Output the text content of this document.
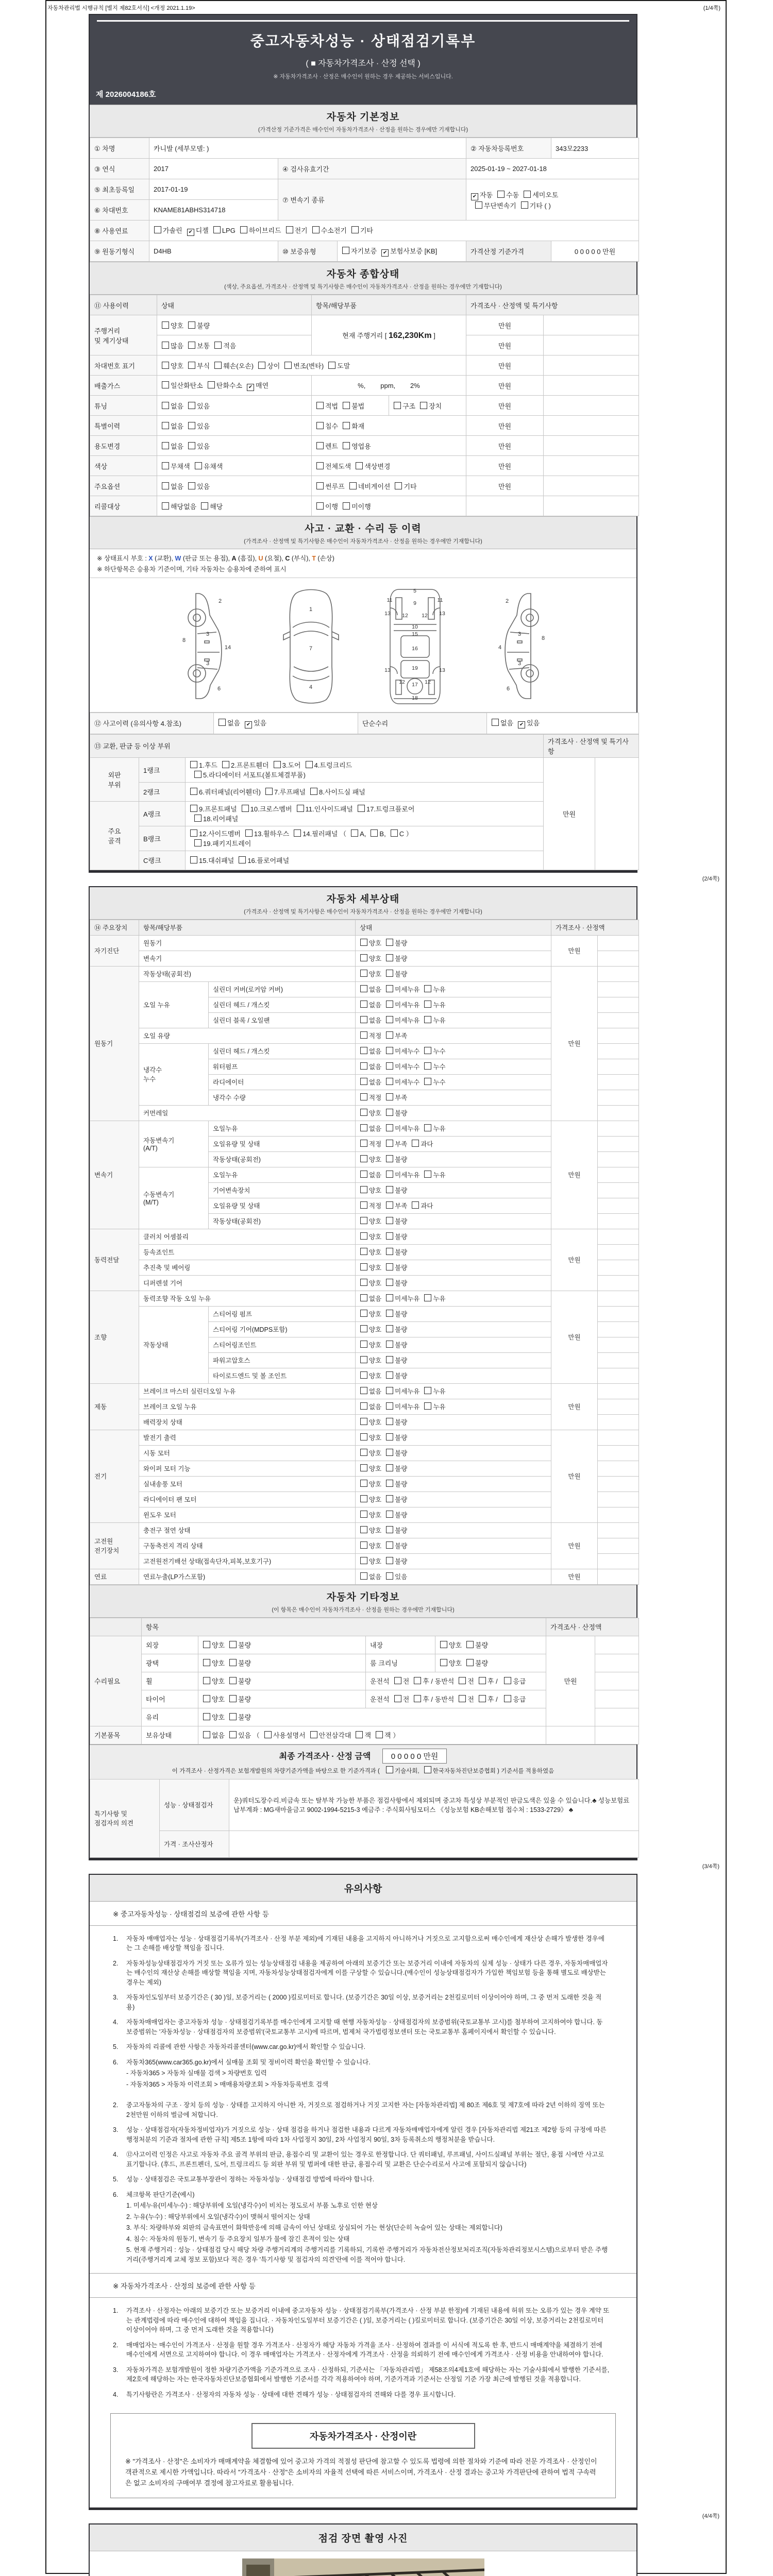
자동차관리법 시행규칙 [별지 제82호서식] <개정 2021.1.19>	(1/4쪽)
중고자동차성능 · 상태점검기록부
( ■ 자동차가격조사 · 산정 선택 )
※ 자동차가격조사 · 산정은 매수인이 원하는 경우 제공하는 서비스입니다.
제 2026004186호
자동차 기본정보
(가격산정 기준가격은 매수인이 자동차가격조사 · 산정을 원하는 경우에만 기재합니다)
① 차명	카니발 (세부모델: )			② 자동차등록번호	343모2233
③ 연식	2017	④ 검사유효기간		2025-01-19 ~ 2027-01-18	
⑤ 최초등록일	2017-01-19	⑦ 변속기 종류		✔ 자동 수동 세미오토
무단변속기 기타 ( )	
⑥ 차대번호	KNAME81ABHS314718				
⑧ 사용연료	가솔린 ✔ 디젤 LPG 하이브리드 전기 수소전기 기타				
⑨ 원동기형식	D4HB	⑩ 보증유형	자기보증 ✔ 보험사보증 [KB]	가격산정 기준가격	0 0 0 0 0 만원
자동차 종합상태
(색상, 주요옵션, 가격조사 · 산정액 및 특기사항은 매수인이 자동차가격조사 · 산정을 원하는 경우에만 기재합니다)
⑪ 사용이력	상태	항목/해당부품		가격조사 · 산정액 및 특기사항	
주행거리
및 계기상태	양호 불량	현재 주행거리 [ 162,230Km ]		만원	
	많음 보통 적음			만원	
차대번호 표기	양호 부식 훼손(오손) 상이 변조(변타) 도말			만원	
배출가스	일산화탄소 탄화수소 ✔ 매연	%,        ppm,        2%		만원	
튜닝	없음 있음	적법 불법	구조 장치	만원	
특별이력	없음 있음	침수 화재		만원	
용도변경	없음 있음	렌트 영업용		만원	
색상	무채색 유채색	전체도색 색상변경		만원	
주요옵션	없음 있음	썬루프 네비게이션 기타		만원	
리콜대상	해당없음 해당	이행 미이행			
사고 · 교환 · 수리 등 이력
(가격조사 · 산정액 및 특기사항은 매수인이 자동차가격조사 · 산정을 원하는 경우에만 기재합니다)
※ 상태표시 부호 : X (교환), W (판금 또는 용접), A (흠집), U (요철), C (부식), T (손상)
※ 하단항목은 승용차 기준이며, 기타 자동차는 승용차에 준하여 표시
2
8
3
14
3
6
1
7
4
5
11	11
9
13	13
12	12
10
15
16
19
13	13
12	12
17
18
2
8
3
4
3
6
⑫ 사고이력 (유의사항 4.참조)	없음 ✔ 있음	단순수리	없음 ✔ 있음
⑬ 교환, 판금 등 이상 부위			가격조사 · 산정액 및 특기사항	
외판
부위	1랭크	1.후드 2.프론트휀더 3.도어 4.트렁크리드
5.라디에이터 서포트(볼트체결부품)	만원	
	2랭크	6.쿼터패널(리어휀더) 7.루프패널 8.사이드실 패널		
주요
골격	A랭크	9.프론트패널 10.크로스멤버 11.인사이드패널 17.트렁크플로어
18.리어패널		
	B랭크	12.사이드멤버 13.휠하우스 14.필러패널 （ A, B, C ）
19.패키지트레이		
	C랭크	15.대쉬패널 16.플로어패널		
(2/4쪽)
자동차 세부상태
(가격조사 · 산정액 및 특기사항은 매수인이 자동차가격조사 · 산정을 원하는 경우에만 기재합니다)
⑭ 주요장치	항목/해당부품		상태	가격조사 · 산정액	
자기진단	원동기		양호 불량	만원	
	변속기		양호 불량		
원동기	작동상태(공회전)		양호 불량	만원	
	오일 누유	실린더 커버(로커암 커버)	없음 미세누유 누유		
		실린더 헤드 / 개스킷	없음 미세누유 누유		
		실린더 블록 / 오일팬	없음 미세누유 누유		
	오일 유량		적정 부족		
	냉각수
누수	실린더 헤드 / 개스킷	없음 미세누수 누수		
		워터펌프	없음 미세누수 누수		
		라디에이터	없음 미세누수 누수		
		냉각수 수량	적정 부족		
	커먼레일		양호 불량		
변속기	자동변속기
(A/T)	오일누유	없음 미세누유 누유	만원	
		오일유량 및 상태	적정 부족 과다		
		작동상태(공회전)	양호 불량		
	수동변속기
(M/T)	오일누유	없음 미세누유 누유		
		기어변속장치	양호 불량		
		오일유량 및 상태	적정 부족 과다		
		작동상태(공회전)	양호 불량		
동력전달	클러치 어셈블리		양호 불량	만원	
	등속죠인트		양호 불량		
	추진축 및 베어링		양호 불량		
	디퍼렌셜 기어		양호 불량		
조향	동력조향 작동 오일 누유		없음 미세누유 누유	만원	
	작동상태	스티어링 펌프	양호 불량		
		스티어링 기어(MDPS포함)	양호 불량		
		스티어링조인트	양호 불량		
		파워고압호스	양호 불량		
		타이로드엔드 및 볼 조인트	양호 불량		
제동	브레이크 마스터 실린더오일 누유		없음 미세누유 누유	만원	
	브레이크 오일 누유		없음 미세누유 누유		
	배력장치 상태		양호 불량		
전기	발전기 출력		양호 불량	만원	
	시동 모터		양호 불량		
	와이퍼 모터 기능		양호 불량		
	실내송풍 모터		양호 불량		
	라디에이터 팬 모터		양호 불량		
	윈도우 모터		양호 불량		
고전원
전기장치	충전구 절연 상태		양호 불량	만원	
	구동축전지 격리 상태		양호 불량		
	고전원전기배선 상태(접속단자,피복,보호기구)		양호 불량		
연료	연료누출(LP가스포함)		없음 있음	만원	
자동차 기타정보
(이 항목은 매수인이 자동차가격조사 · 산정을 원하는 경우에만 기재합니다)
	항목				가격조사 · 산정액	
수리필요	외장	양호 불량	내장	양호 불량	만원	
	광택	양호 불량	룸 크리닝	양호 불량		
	휠	양호 불량	운전석 전 후 / 동반석 전 후 / 응급			
	타이어	양호 불량	운전석 전 후 / 동반석 전 후 / 응급			
	유리	양호 불량				
기본품목	보유상태	없음 있음 （ 사용설명서 안전삼각대 잭 잭 ）				
최종 가격조사 · 산정 금액	0 0 0 0 0 만원
이 가격조사 · 산정가격은 보험개발원의 차량기준가액을 바탕으로 한 기준가격과 ( 기술사회, 한국자동차진단보증협회 ) 기준서를 적용하였음
특기사항 및
점검자의 의견	성능 · 상태점검자	운)쿼터도장수리.비금속 또는 탈부착 가능한 부품은 점검사항에서 제외되며 중고차 특성상 부분적인 판금도색은 있을 수 있습니다.♣ 성능보험료 납부계좌 : MG새마을금고 9002-1994-5215-3 예금주 : 주식회사팀모터스 《성능보험 KB손해보험 접수처 : 1533-2729》 ♣
	가격 · 조사산정자	
(3/4쪽)
유의사항
※ 중고자동차성능 · 상태점검의 보증에 관한 사항 등
1.	자동차 매매업자는 성능 · 상태점검기록부(가격조사 · 산정 부분 제외)에 기재된 내용을 고지하지 아니하거나 거짓으로 고지함으로써 매수인에게 재산상 손해가 발생한 경우에는 그 손해를 배상할 책임을 집니다.
2.	자동차성능상태점검자가 거짓 또는 오류가 있는 성능상태점검 내용을 제공하여 아래의 보증기간 또는 보증거리 이내에 자동차의 실제 성능 · 상태가 다른 경우, 자동차매매업자는 매수인의 재산상 손해를 배상할 책임을 지며, 자동차성능상태점검자에게 이를 구상할 수 있습니다.(매수인이 성능상태점검자가 가입한 책임보험 등을 통해 별도로 배상받는 경우는 제외)
3.	자동차인도일부터 보증기간은 ( 30 )일, 보증거리는 ( 2000 )킬로미터로 합니다. (보증기간은 30일 이상, 보증거리는 2천킬로미터 이상이어야 하며, 그 중 먼저 도래한 것을 적용)
4.	자동차매매업자는 중고자동차 성능 · 상태점검기록부를 매수인에게 고지할 때 현행 자동차성능 · 상태점검자의 보증범위(국토교통부 고시)를 첨부하여 고지하여야 합니다. 동 보증범위는 '자동차성능 · 상태점검자의 보증범위'(국토교통부 고시)에 따르며, 법제처 국가법령정보센터 또는 국토교통부 홈페이지에서 확인할 수 있습니다.
5.	자동차의 리콜에 관한 사항은 자동차리콜센터(www.car.go.kr)에서 확인할 수 있습니다.
6.	자동차365(www.car365.go.kr)에서 실매물 조회 및 정비이력 확인을 확인할 수 있습니다.
- 자동차365 > 자동차 실매물 검색 > 차량번호 입력
- 자동차365 > 자동차 이력조회 > 매매용차량조회 > 자동차등록번호 검색
2.	중고자동차의 구조 · 장치 등의 성능 · 상태를 고지하지 아니한 자, 거짓으로 점검하거나 거짓 고지한 자는 [자동차관리법] 제 80조 제6호 및 제7호에 따라 2년 이하의 징역 또는 2천만원 이하의 벌금에 처합니다.
3.	성능 · 상태점검자(자동차정비업자)가 거짓으로 성능 · 상태 점검을 하거나 점검한 내용과 다르게 자동차매매업자에게 알린 경우 [자동차관리법 제21조 제2항 등의 규정에 따른 행정처분의 기준과 절차에 관한 규칙] 제5조 1항에 따라 1차 사업정지 30일, 2차 사업정지 90일, 3차 등록취소의 행정처분을 받습니다.
4.	⑫사고이력 인정은 사고로 자동차 주요 골격 부위의 판금, 용접수리 및 교환이 있는 경우로 한정합니다. 단 쿼터패널, 루프패널, 사이드실패널 부위는 절단, 용접 시에만 사고로 표기합니다. (후드, 프론트펜더, 도어, 트렁크리드 등 외판 부위 및 범퍼에 대한 판금, 용접수리 및 교환은 단순수리로서 사고에 포함되지 않습니다)
5.	성능 · 상태점검은 국토교통부장관이 정하는 자동차성능 · 상태점검 방법에 따라야 합니다.
6.	체크항목 판단기준(예시)
1. 미세누유(미세누수) : 해당부위에 오일(냉각수)이 비치는 정도로서 부품 노후로 인한 현상
2. 누유(누수) : 해당부위에서 오일(냉각수)이 맺혀서 떨어지는 상태
3. 부식: 차량하부와 외판의 금속표면이 화학반응에 의해 금속이 아닌 상태로 상실되어 가는 현상(단순히 녹슬어 있는 상태는 제외합니다)
4. 침수: 자동차의 원동기, 변속기 등 주요장치 일부가 물에 잠긴 흔적이 있는 상태
5. 현재 주행거리 : 성능 · 상태점검 당시 해당 차량 주행거리계의 주행거리를 기록하되, 기록한 주행거리가 자동차전산정보처리조직(자동차관리정보시스템)으로부터 받은 주행거리(주행거리계 교체 정보 포함)보다 적은 경우 '특기사항 및 점검자의 의견'란에 이를 적어야 합니다.
※ 자동차가격조사 · 산정의 보증에 관한 사항 등
1.	가격조사 · 산정자는 아래의 보증기간 또는 보증거리 이내에 중고자동차 성능 · 상태점검기록부(가격조사 · 산정 부분 한정)에 기재된 내용에 허위 또는 오류가 있는 경우 계약 또는 관계법령에 따라 매수인에 대하여 책임을 집니다. · 자동차인도일부터 보증기간은 ( )일, 보증거리는 ( )킬로미터로 합니다. (보증기간은 30일 이상, 보증거리는 2천킬로미터 이상이어야 하며, 그 중 먼저 도래한 것을 적용합니다)
2.	매매업자는 매수인이 가격조사 · 산정을 원할 경우 가격조사 · 산정자가 해당 자동차 가격을 조사 · 산정하여 결과를 이 서식에 적도록 한 후, 반드시 매매계약을 체결하기 전에 매수인에게 서면으로 고지하여야 합니다. 이 경우 매매업자는 가격조사 · 산정자에게 가격조사 · 산정을 의뢰하기 전에 매수인에게 가격조사 · 산정 비용을 안내하여야 합니다.
3.	자동차가격은 보험개발원이 정한 차량기준가액을 기준가격으로 조사 · 산정하되, 기준서는 「자동차관리법」 제58조의4제1호에 해당하는 자는 기술사회에서 발행한 기준서를, 제2호에 해당하는 자는 한국자동차진단보증협회에서 발행한 기준서를 각각 적용하여야 하며, 기준가격과 기준서는 산정일 기준 가장 최근에 발행된 것을 적용합니다.
4.	특기사항란은 가격조사 · 산정자의 자동차 성능 · 상태에 대한 견해가 성능 · 상태점검자의 견해와 다를 경우 표시합니다.
자동차가격조사 · 산정이란
※ "가격조사 · 산정"은 소비자가 매매계약을 체결함에 있어 중고차 가격의 적절성 판단에 참고할 수 있도록 법령에 의한 절차와 기준에 따라 전문 가격조사 · 산정인이 객관적으로 제시한 가액입니다. 따라서 "가격조사 · 산정"은 소비자의 자율적 선택에 따른 서비스이며, 가격조사 · 산정 결과는 중고차 가격판단에 관하여 법적 구속력은 없고 소비자의 구매여부 결정에 참고자료로 활용됩니다.
(4/4쪽)
점검 장면 촬영 사진
